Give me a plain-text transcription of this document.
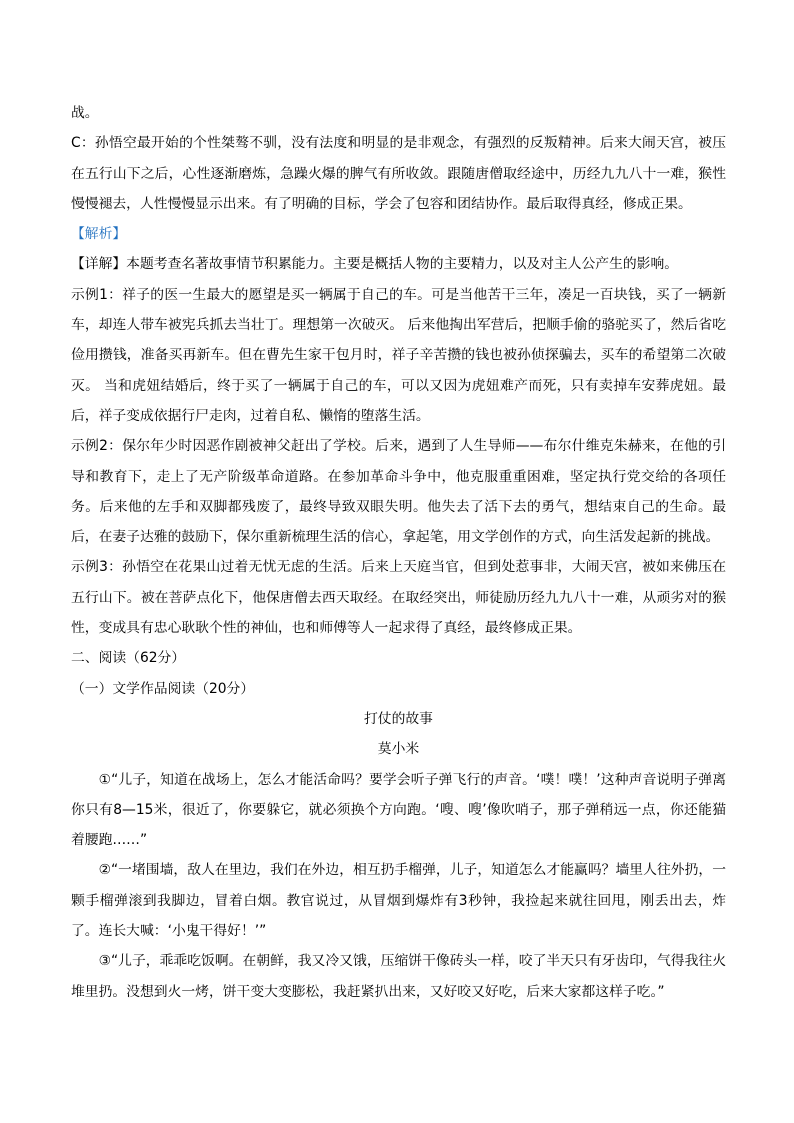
战。

C：孙悟空最开始的个性桀骜不驯，没有法度和明显的是非观念，有强烈的反叛精神。后来大闹天宫，被压在五行山下之后，心性逐渐磨炼，急躁火爆的脾气有所收敛。跟随唐僧取经途中，历经九九八十一难，猴性慢慢褪去，人性慢慢显示出来。有了明确的目标，学会了包容和团结协作。最后取得真经，修成正果。

【解析】

【详解】本题考查名著故事情节积累能力。主要是概括人物的主要精力，以及对主人公产生的影响。

示例1：祥子的医一生最大的愿望是买一辆属于自己的车。可是当他苦干三年，凑足一百块钱，买了一辆新车，却连人带车被宪兵抓去当壮丁。理想第一次破灭。 后来他掏出军营后，把顺手偷的骆驼买了，然后省吃俭用攒钱，准备买再新车。但在曹先生家干包月时，祥子辛苦攒的钱也被孙侦探骗去，买车的希望第二次破灭。 当和虎妞结婚后，终于买了一辆属于自己的车，可以又因为虎妞难产而死，只有卖掉车安葬虎妞。最后，祥子变成依据行尸走肉，过着自私、懒惰的堕落生活。

示例2：保尔年少时因恶作剧被神父赶出了学校。后来，遇到了人生导师——布尔什维克朱赫来，在他的引导和教育下，走上了无产阶级革命道路。在参加革命斗争中，他克服重重困难，坚定执行党交给的各项任务。后来他的左手和双脚都残废了，最终导致双眼失明。他失去了活下去的勇气，想结束自己的生命。最后，在妻子达雅的鼓励下，保尔重新梳理生活的信心，拿起笔，用文学创作的方式，向生活发起新的挑战。

示例3：孙悟空在花果山过着无忧无虑的生活。后来上天庭当官，但到处惹事非，大闹天宫，被如来佛压在五行山下。被在菩萨点化下，他保唐僧去西天取经。在取经突出，师徒励历经九九八十一难，从顽劣对的猴性，变成具有忠心耿耿个性的神仙，也和师傅等人一起求得了真经，最终修成正果。

二、阅读（62分）

（一）文学作品阅读（20分）

打仗的故事

莫小米

①“儿子，知道在战场上，怎么才能活命吗？要学会听子弹飞行的声音。‘噗！噗！’这种声音说明子弹离你只有8—15米，很近了，你要躲它，就必须换个方向跑。‘嗖、嗖’像吹哨子，那子弹稍远一点，你还能猫着腰跑……”

②“一堵围墙，敌人在里边，我们在外边，相互扔手榴弹，儿子，知道怎么才能赢吗？墙里人往外扔，一颗手榴弹滚到我脚边，冒着白烟。教官说过，从冒烟到爆炸有3秒钟，我捡起来就往回甩，刚丢出去，炸了。连长大喊：‘小鬼干得好！’”

③“儿子，乖乖吃饭啊。在朝鲜，我又冷又饿，压缩饼干像砖头一样，咬了半天只有牙齿印，气得我往火堆里扔。没想到火一烤，饼干变大变膨松，我赶紧扒出来，又好咬又好吃，后来大家都这样子吃。”
